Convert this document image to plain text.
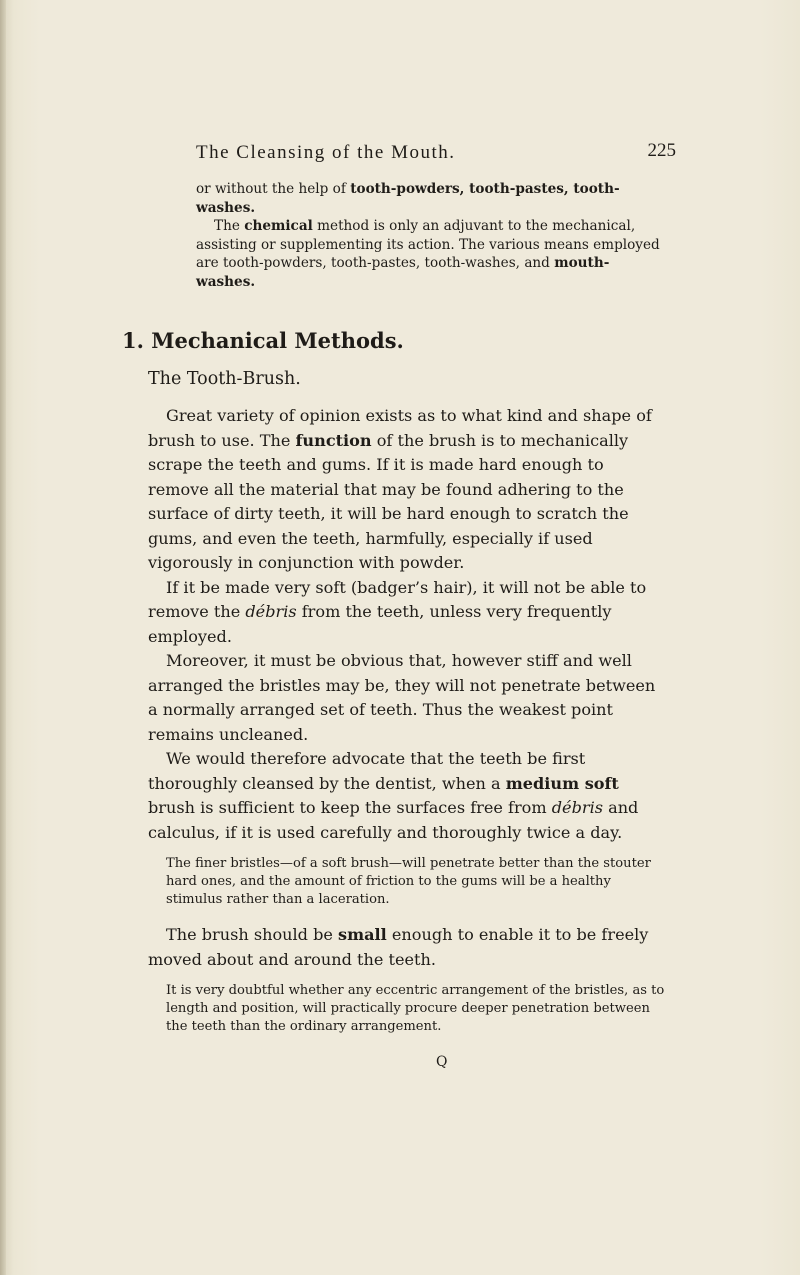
The Cleansing of the Mouth.	225

or without the help of tooth-powders, tooth-pastes, tooth-washes.

The chemical method is only an adjuvant to the mechanical, assisting or supplementing its action. The various means employed are tooth-powders, tooth-pastes, tooth-washes, and mouth-washes.

1. Mechanical Methods.
The Tooth-Brush.

Great variety of opinion exists as to what kind and shape of brush to use. The function of the brush is to mechanically scrape the teeth and gums. If it is made hard enough to remove all the material that may be found adhering to the surface of dirty teeth, it will be hard enough to scratch the gums, and even the teeth, harmfully, especially if used vigorously in conjunction with powder.

If it be made very soft (badger’s hair), it will not be able to remove the débris from the teeth, unless very frequently employed.

Moreover, it must be obvious that, however stiff and well arranged the bristles may be, they will not penetrate between a normally arranged set of teeth. Thus the weakest point remains uncleaned.

We would therefore advocate that the teeth be first thoroughly cleansed by the dentist, when a medium soft brush is sufficient to keep the surfaces free from débris and calculus, if it is used carefully and thoroughly twice a day.

The finer bristles—of a soft brush—will penetrate better than the stouter hard ones, and the amount of friction to the gums will be a healthy stimulus rather than a laceration.

The brush should be small enough to enable it to be freely moved about and around the teeth.

It is very doubtful whether any eccentric arrangement of the bristles, as to length and position, will practically procure deeper penetration between the teeth than the ordinary arrangement.

Q
